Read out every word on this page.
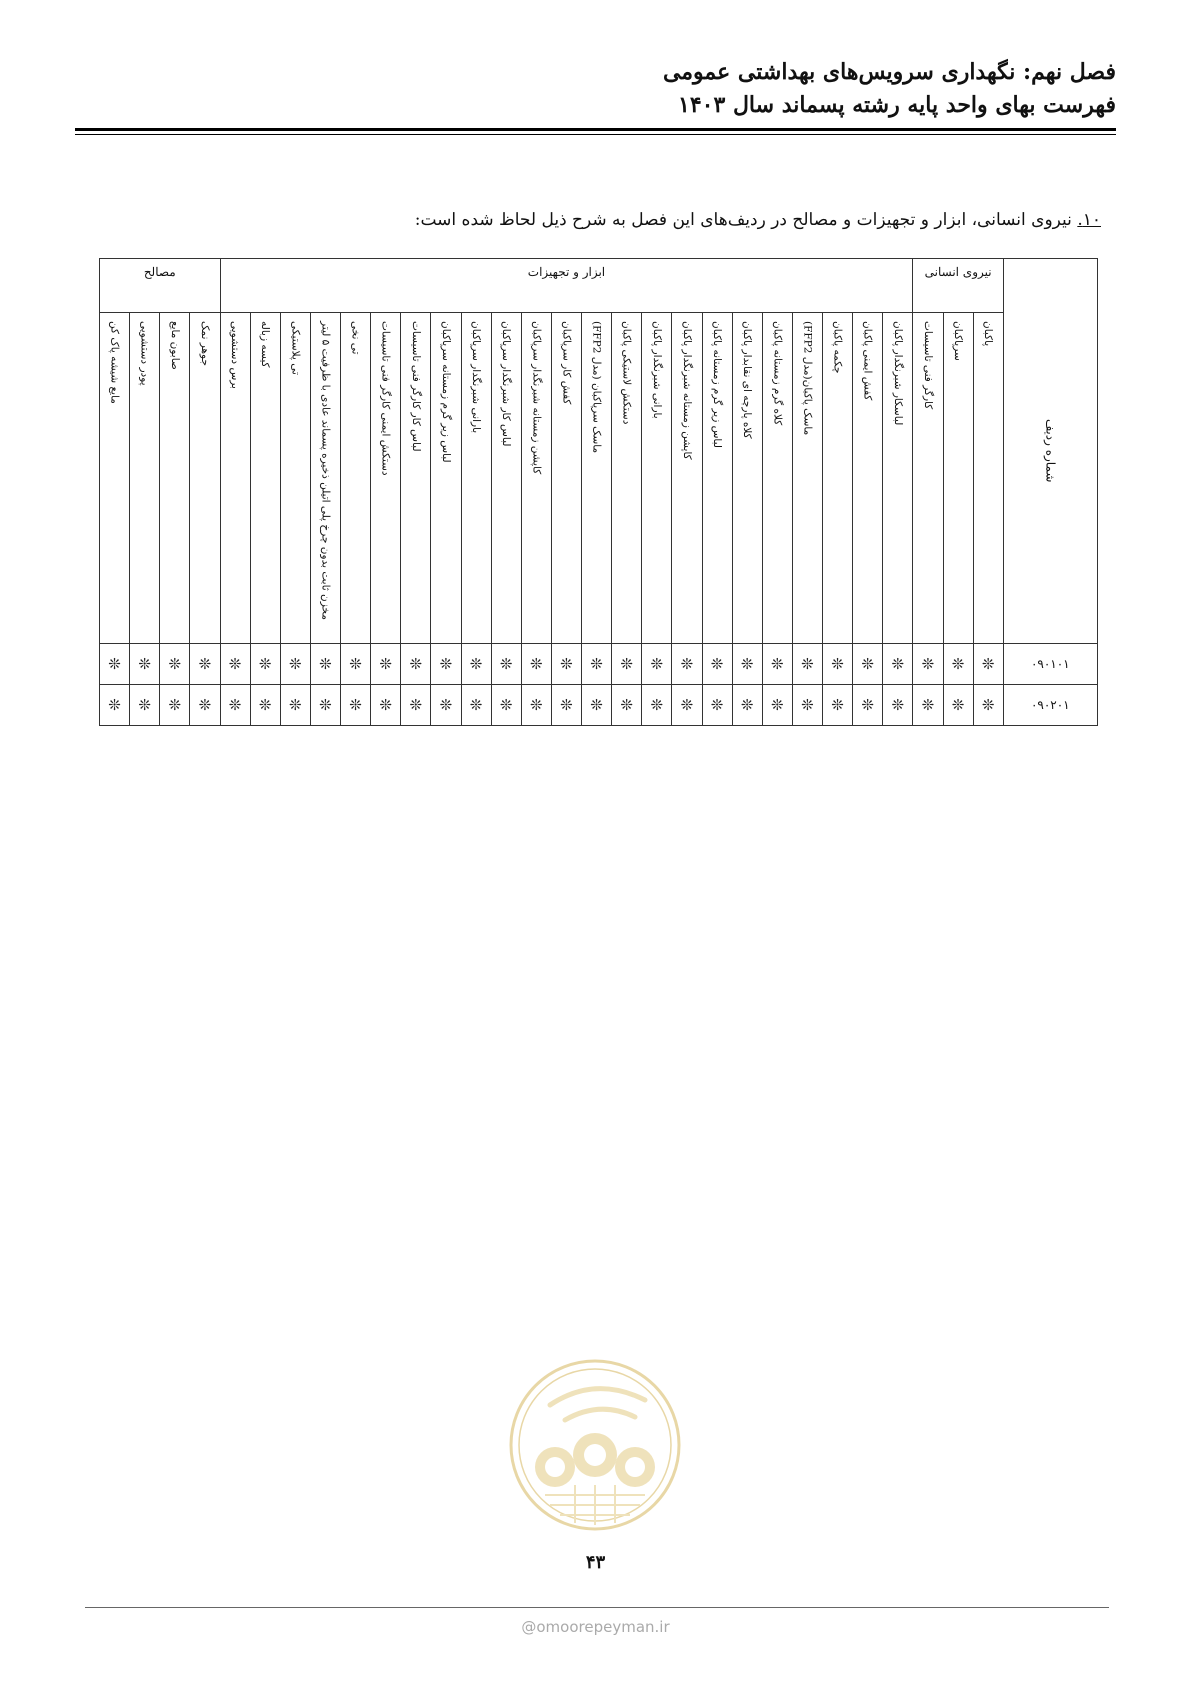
فصل نهم: نگهداری سرویس‌های بهداشتی عمومی
فهرست بهای واحد پایه رشته پسماند سال ۱۴۰۳
۱۰. نیروی انسانی، ابزار و تجهیزات و مصالح در ردیف‌های این فصل به شرح ذیل لحاظ شده است:
شماره ردیف	نیروی انسانی			ابزار و تجهیزات																							مصالح			

	پاکبان	سرپاکبان	کارگر فنی تاسیسات	لباسکار شبرنگدار پاکبان	کفش ایمنی پاکبان	چکمه پاکبان	ماسک پاکبان(مدل FFP2)	کلاه گرم زمستانه پاکبان	کلاه پارچه ای نقابدار پاکبان	لباس زیر گرم زمستانه پاکبان	کاپشن زمستانه شبرنگدار پاکبان	بارانی شبرنگدار پاکبان	دستکش لاستیکی پاکبان	ماسک سرپاکبان (مدل FFP2)	کفش کار سرپاکبان	کاپشن زمستانه شبرنگدار سرپاکبان	لباس کار شبرنگدار سرپاکبان	بارانی شبرنگدار سرپاکبان	لباس زیر گرم زمستانه سرپاکبان	لباس کار کارگر فنی تاسیسات	دستکش ایمنی کارگر فنی تاسیسات	تی نخی	مخزن ثابت بدون چرخ پلی اتیلن ذخیره پسماند عادی با ظرفیت ۵ لیتر	تی پلاستیکی	کیسه زباله	برس دستشویی	جوهر نمک	صابون مایع	پودر دستشویی	مایع شیشه پاک کن

۰۹۰۱۰۱	❊	❊	❊	❊	❊	❊	❊	❊	❊	❊	❊	❊	❊	❊	❊	❊	❊	❊	❊	❊	❊	❊	❊	❊	❊	❊	❊	❊	❊	❊
۰۹۰۲۰۱	❊	❊	❊	❊	❊	❊	❊	❊	❊	❊	❊	❊	❊	❊	❊	❊	❊	❊	❊	❊	❊	❊	❊	❊	❊	❊	❊	❊	❊	❊
۴۳
@omoorepeyman.ir
